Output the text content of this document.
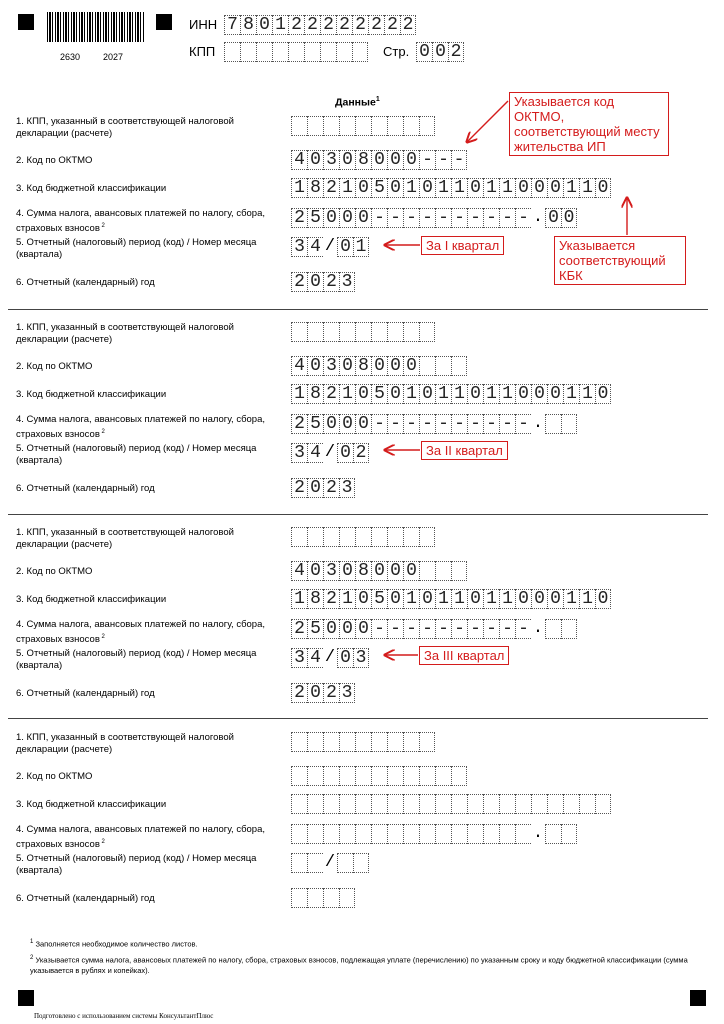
2630	2027
ИНН 7 8 0 1 2 2 2 2 2 2 2 2
КПП	Стр. 0 0 2
Данные$^1$
1. КПП, указанный в соответствующей налоговой декларации (расчете)
2. Код по ОКТМО
3. Код бюджетной классификации
4. Сумма налога, авансовых платежей по налогу, сбора, страховых взносов $^2$
5. Отчетный (налоговый) период (код) / Номер месяца (квартала)
6. Отчетный (календарный) год
4 0 3 0 8 0 0 0 - - -
1 8 2 1 0 5 0 1 0 1 1 0 1 1 0 0 0 1 1 0
2 5 0 0 0 - - - - - - - - - - . 0 0
3 4 / 0 1
2 0 2 3
1. КПП, указанный в соответствующей налоговой декларации (расчете)
2. Код по ОКТМО
3. Код бюджетной классификации
4. Сумма налога, авансовых платежей по налогу, сбора, страховых взносов $^2$
5. Отчетный (налоговый) период (код) / Номер месяца (квартала)
6. Отчетный (календарный) год
4 0 3 0 8 0 0 0
1 8 2 1 0 5 0 1 0 1 1 0 1 1 0 0 0 1 1 0
2 5 0 0 0 - - - - - - - - - - .
3 4 / 0 2
2 0 2 3
1. КПП, указанный в соответствующей налоговой декларации (расчете)
2. Код по ОКТМО
3. Код бюджетной классификации
4. Сумма налога, авансовых платежей по налогу, сбора, страховых взносов $^2$
5. Отчетный (налоговый) период (код) / Номер месяца (квартала)
6. Отчетный (календарный) год
4 0 3 0 8 0 0 0
1 8 2 1 0 5 0 1 0 1 1 0 1 1 0 0 0 1 1 0
2 5 0 0 0 - - - - - - - - - - .
3 4 / 0 3
2 0 2 3
1. КПП, указанный в соответствующей налоговой декларации (расчете)
2. Код по ОКТМО
3. Код бюджетной классификации
4. Сумма налога, авансовых платежей по налогу, сбора, страховых взносов $^2$
5. Отчетный (налоговый) период (код) / Номер месяца (квартала)
6. Отчетный (календарный) год
.
/
Указывается код ОКТМО, соответствующий месту жительства ИП
Указывается соответствующий КБК
За I квартал
За II квартал
За III квартал
$^1$ Заполняется необходимое количество листов.
$^2$ Указывается сумма налога, авансовых платежей по налогу, сбора, страховых взносов, подлежащая уплате (перечислению) по указанным сроку и коду бюджетной классификации (сумма указывается в рублях и копейках).
Подготовлено с использованием системы КонсультантПлюс
